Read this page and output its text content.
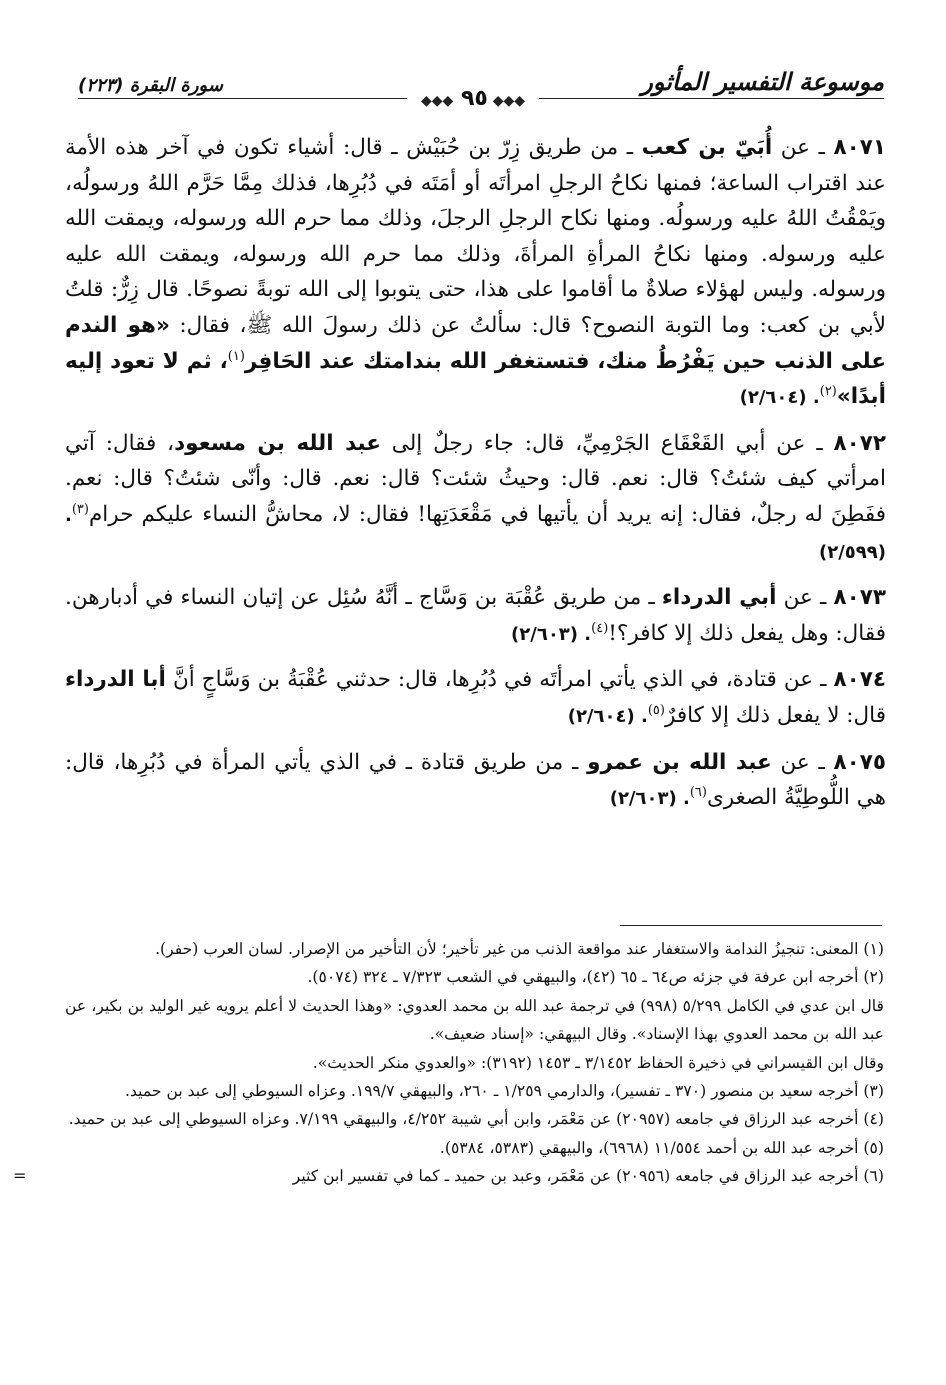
موسوعة التفسير المأثور
سورة البقرة (٢٢٣)
◆◆◆ ٩٥ ◆◆◆

٨٠٧١ ـ عن أُبَيّ بن كعب ـ من طريق زِرّ بن حُبَيْش ـ قال: أشياء تكون في آخر هذه الأمة عند اقتراب الساعة؛ فمنها نكاحُ الرجلِ امرأتَه أو أمَتَه في دُبُرِها، فذلك مِمَّا حَرَّم اللهُ ورسولُه، ويَمْقُتُ اللهُ عليه ورسولُه. ومنها نكاح الرجلِ الرجلَ، وذلك مما حرم الله ورسوله، ويمقت الله عليه ورسوله. ومنها نكاحُ المرأةِ المرأةَ، وذلك مما حرم الله ورسوله، ويمقت الله عليه ورسوله. وليس لهؤلاء صلاةٌ ما أقاموا على هذا، حتى يتوبوا إلى الله توبةً نصوحًا. قال زِرٌّ: قلتُ لأبي بن كعب: وما التوبة النصوح؟ قال: سألتُ عن ذلك رسولَ الله ﷺ، فقال: «هو الندم على الذنب حين يَفْرُطُ منك، فتستغفر الله بندامتك عند الحَافِر$^{(١)}$، ثم لا تعود إليه أبدًا»$^{(٢)}$. (٢/٦٠٤)

٨٠٧٢ ـ عن أبي القَعْقَاع الجَرْمِيِّ، قال: جاء رجلٌ إلى عبد الله بن مسعود، فقال: آتي امرأتي كيف شئتُ؟ قال: نعم. قال: وحيثُ شئت؟ قال: نعم. قال: وأنّى شئتُ؟ قال: نعم. ففَطِنَ له رجلٌ، فقال: إنه يريد أن يأتيها في مَقْعَدَتِها! فقال: لا، محاشُّ النساء عليكم حرام$^{(٣)}$. (٢/٥٩٩)

٨٠٧٣ ـ عن أبي الدرداء ـ من طريق عُقْبَة بن وَسَّاج ـ أنَّهُ سُئِل عن إتيان النساء في أدبارهن. فقال: وهل يفعل ذلك إلا كافر؟!$^{(٤)}$. (٢/٦٠٣)

٨٠٧٤ ـ عن قتادة، في الذي يأتي امرأتَه في دُبُرِها، قال: حدثني عُقْبَةُ بن وَسَّاجٍ أنَّ أبا الدرداء قال: لا يفعل ذلك إلا كافرٌ$^{(٥)}$. (٢/٦٠٤)

٨٠٧٥ ـ عن عبد الله بن عمرو ـ من طريق قتادة ـ في الذي يأتي المرأة في دُبُرِها، قال: هي اللُّوطِيَّةُ الصغرى$^{(٦)}$. (٢/٦٠٣)

(١) المعنى: تنجيزُ الندامة والاستغفار عند مواقعة الذنب من غير تأخير؛ لأن التأخير من الإصرار. لسان العرب (حفر).

(٢) أخرجه ابن عرفة في جزئه ص٦٤ ـ ٦٥ (٤٢)، والبيهقي في الشعب ٧/٣٢٣ ـ ٣٢٤ (٥٠٧٤).

قال ابن عدي في الكامل ٥/٢٩٩ (٩٩٨) في ترجمة عبد الله بن محمد العدوي: «وهذا الحديث لا أعلم يرويه غير الوليد بن بكير، عن عبد الله بن محمد العدوي بهذا الإسناد». وقال البيهقي: «إسناد ضعيف».

وقال ابن القيسراني في ذخيرة الحفاظ ٣/١٤٥٢ ـ ١٤٥٣ (٣١٩٢): «والعدوي منكر الحديث».

(٣) أخرجه سعيد بن منصور (٣٧٠ ـ تفسير)، والدارمي ١/٢٥٩ ـ ٢٦٠، والبيهقي ١٩٩/٧. وعزاه السيوطي إلى عبد بن حميد.

(٤) أخرجه عبد الرزاق في جامعه (٢٠٩٥٧) عن مَعْمَر، وابن أبي شيبة ٤/٢٥٢، والبيهقي ٧/١٩٩. وعزاه السيوطي إلى عبد بن حميد.

(٥) أخرجه عبد الله بن أحمد ١١/٥٥٤ (٦٩٦٨)، والبيهقي (٥٣٨٣، ٥٣٨٤).

(٦) أخرجه عبد الرزاق في جامعه (٢٠٩٥٦) عن مَعْمَر، وعبد بن حميد ـ كما في تفسير ابن كثير
=
